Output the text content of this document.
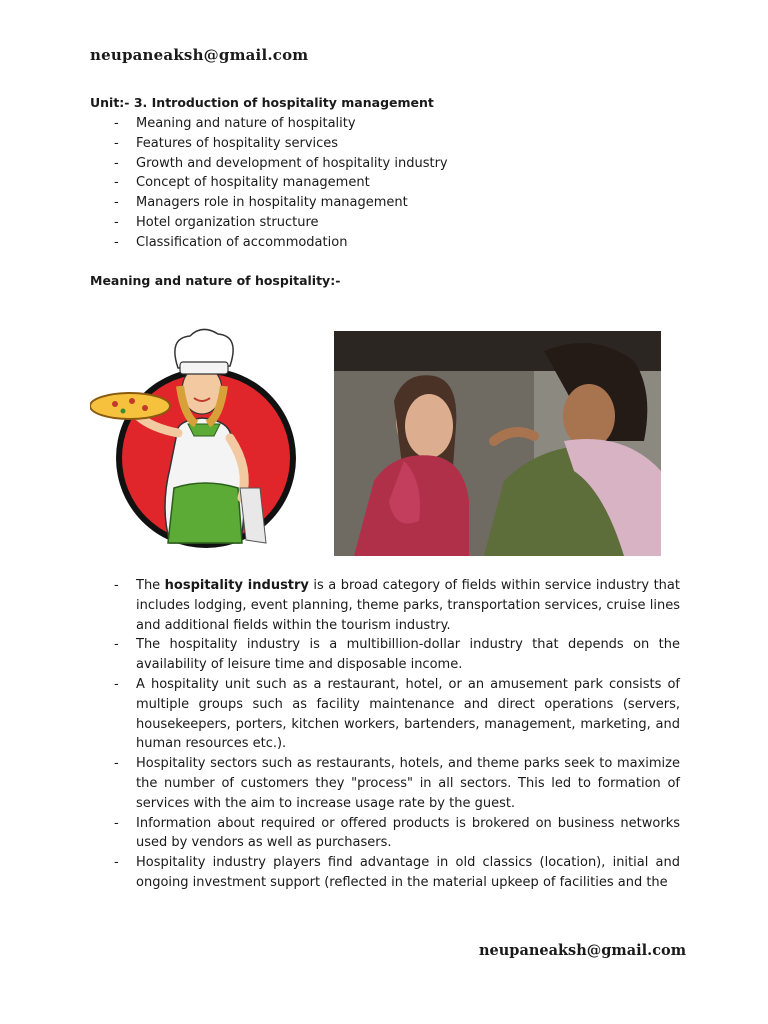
neupaneaksh@gmail.com
Unit:- 3. Introduction of hospitality management
- Meaning and nature of hospitality
- Features of hospitality services
- Growth and development of hospitality industry
- Concept of hospitality management
- Managers role in hospitality management
- Hotel organization structure
- Classification of accommodation
Meaning and nature of hospitality:-
- The hospitality industry is a broad category of fields within service industry that includes lodging, event planning, theme parks, transportation services, cruise lines and additional fields within the tourism industry.
- The hospitality industry is a multibillion-dollar industry that depends on the availability of leisure time and disposable income.
- A hospitality unit such as a restaurant, hotel, or an amusement park consists of multiple groups such as facility maintenance and direct operations (servers, housekeepers, porters, kitchen workers, bartenders, management, marketing, and human resources etc.).
- Hospitality sectors such as restaurants, hotels, and theme parks seek to maximize the number of customers they "process" in all sectors. This led to formation of services with the aim to increase usage rate by the guest.
- Information about required or offered products is brokered on business networks used by vendors as well as purchasers.
- Hospitality industry players find advantage in old classics (location), initial and ongoing investment support (reflected in the material upkeep of facilities and the
neupaneaksh@gmail.com
